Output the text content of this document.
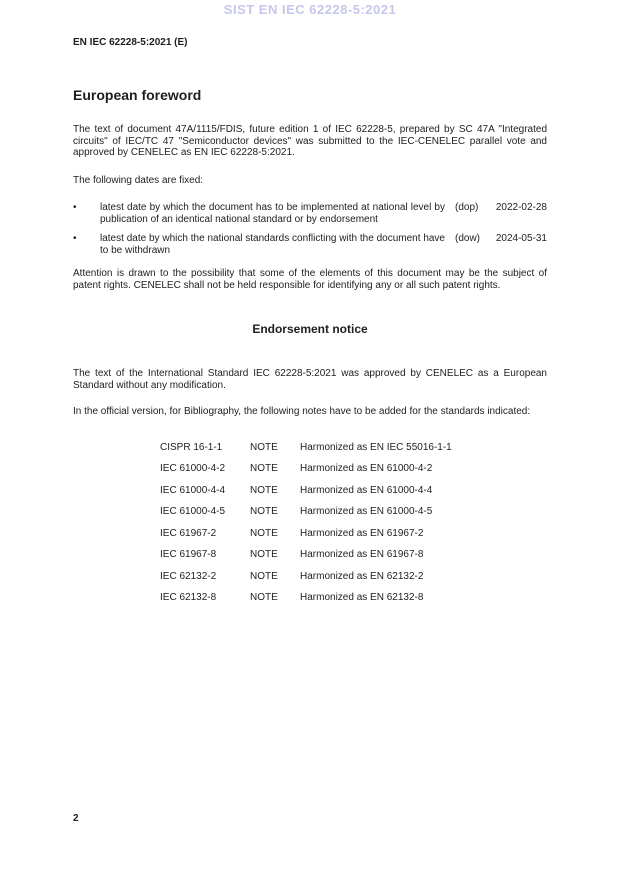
SIST EN IEC 62228-5:2021
EN IEC 62228-5:2021 (E)
European foreword

The text of document 47A/1115/FDIS, future edition 1 of IEC 62228-5, prepared by SC 47A "Integrated circuits" of IEC/TC 47 "Semiconductor devices" was submitted to the IEC-CENELEC parallel vote and approved by CENELEC as EN IEC 62228-5:2021.

The following dates are fixed:

•	latest date by which the document has to be implemented at national level by publication of an identical national standard or by endorsement
(dop)	2022-02-28
•	latest date by which the national standards conflicting with the document have to be withdrawn
(dow)	2024-05-31

Attention is drawn to the possibility that some of the elements of this document may be the subject of patent rights. CENELEC shall not be held responsible for identifying any or all such patent rights.

Endorsement notice

The text of the International Standard IEC 62228-5:2021 was approved by CENELEC as a European Standard without any modification.

In the official version, for Bibliography, the following notes have to be added for the standards indicated:

CISPR 16-1-1	NOTE	Harmonized as EN IEC 55016-1-1
IEC 61000-4-2	NOTE	Harmonized as EN 61000-4-2
IEC 61000-4-4	NOTE	Harmonized as EN 61000-4-4
IEC 61000-4-5	NOTE	Harmonized as EN 61000-4-5
IEC 61967-2	NOTE	Harmonized as EN 61967-2
IEC 61967-8	NOTE	Harmonized as EN 61967-8
IEC 62132-2	NOTE	Harmonized as EN 62132-2
IEC 62132-8	NOTE	Harmonized as EN 62132-8
2
